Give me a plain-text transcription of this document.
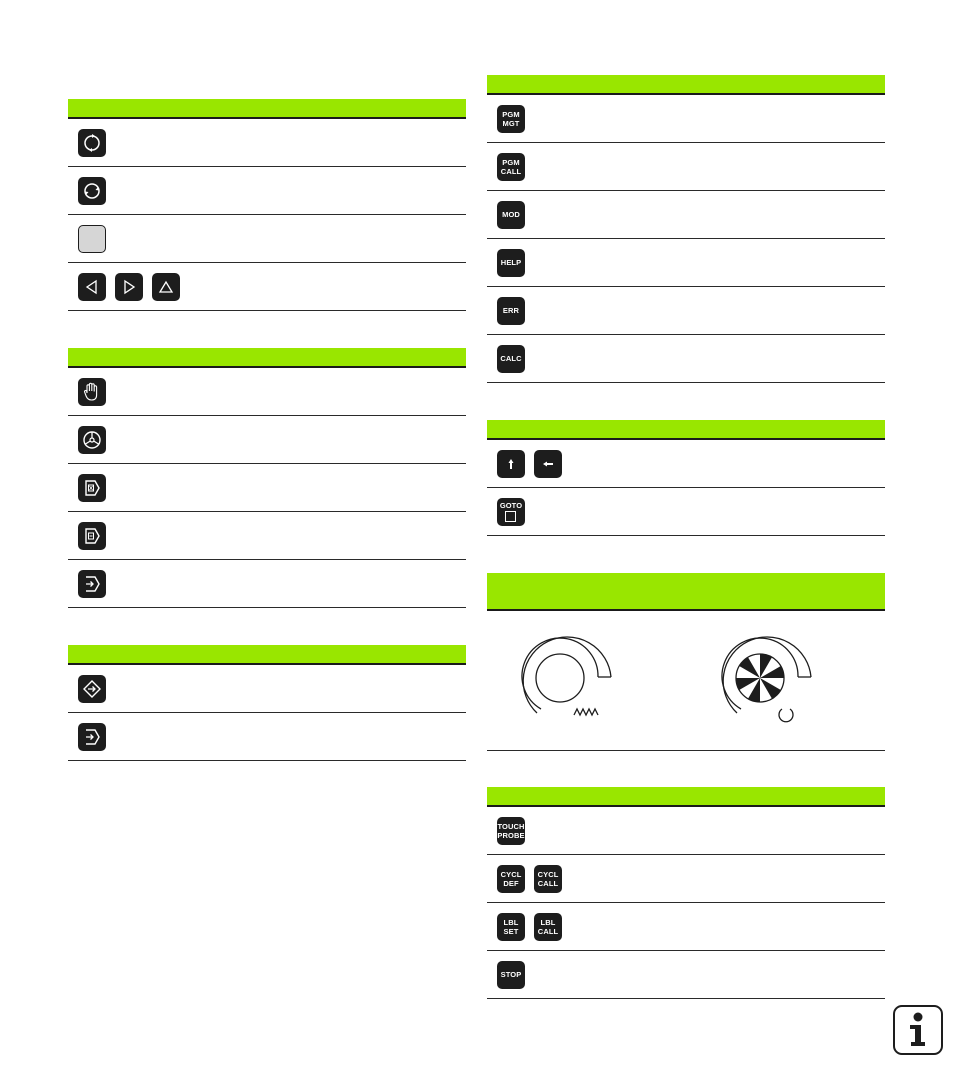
PGM
MGT
PGM
CALL
MOD
HELP
ERR
CALC
GOTO
TOUCH
PROBE
CYCL
DEF
CYCL
CALL
LBL
SET
LBL
CALL
STOP
